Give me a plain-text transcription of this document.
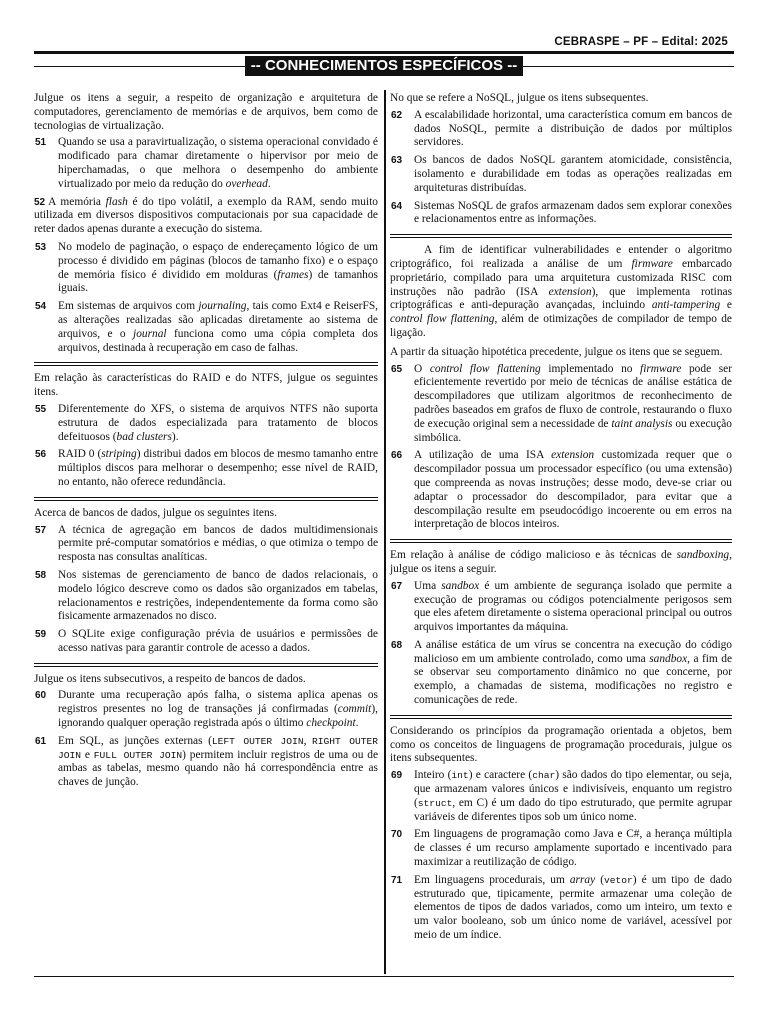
CEBRASPE – PF – Edital: 2025
-- CONHECIMENTOS ESPECÍFICOS --

Julgue os itens a seguir, a respeito de organização e arquitetura de computadores, gerenciamento de memórias e de arquivos, bem como de tecnologias de virtualização.

51 Quando se usa a paravirtualização, o sistema operacional convidado é modificado para chamar diretamente o hipervisor por meio de hiperchamadas, o que melhora o desempenho do ambiente virtualizado por meio da redução do overhead.

52 A memória flash é do tipo volátil, a exemplo da RAM, sendo muito utilizada em diversos dispositivos computacionais por sua capacidade de reter dados apenas durante a execução do sistema.

53 No modelo de paginação, o espaço de endereçamento lógico de um processo é dividido em páginas (blocos de tamanho fixo) e o espaço de memória físico é dividido em molduras (frames) de tamanhos iguais.

54 Em sistemas de arquivos com journaling, tais como Ext4 e ReiserFS, as alterações realizadas são aplicadas diretamente ao sistema de arquivos, e o journal funciona como uma cópia completa dos arquivos, destinada à recuperação em caso de falhas.

Em relação às características do RAID e do NTFS, julgue os seguintes itens.

55 Diferentemente do XFS, o sistema de arquivos NTFS não suporta estrutura de dados especializada para tratamento de blocos defeituosos (bad clusters).

56 RAID 0 (striping) distribui dados em blocos de mesmo tamanho entre múltiplos discos para melhorar o desempenho; esse nível de RAID, no entanto, não oferece redundância.

Acerca de bancos de dados, julgue os seguintes itens.

57 A técnica de agregação em bancos de dados multidimensionais permite pré-computar somatórios e médias, o que otimiza o tempo de resposta nas consultas analíticas.

58 Nos sistemas de gerenciamento de banco de dados relacionais, o modelo lógico descreve como os dados são organizados em tabelas, relacionamentos e restrições, independentemente da forma como são fisicamente armazenados no disco.

59 O SQLite exige configuração prévia de usuários e permissões de acesso nativas para garantir controle de acesso a dados.

Julgue os itens subsecutivos, a respeito de bancos de dados.

60 Durante uma recuperação após falha, o sistema aplica apenas os registros presentes no log de transações já confirmadas (commit), ignorando qualquer operação registrada após o último checkpoint.

61 Em SQL, as junções externas (LEFT OUTER JOIN, RIGHT OUTER JOIN e FULL OUTER JOIN) permitem incluir registros de uma ou de ambas as tabelas, mesmo quando não há correspondência entre as chaves de junção.

No que se refere a NoSQL, julgue os itens subsequentes.

62 A escalabilidade horizontal, uma característica comum em bancos de dados NoSQL, permite a distribuição de dados por múltiplos servidores.

63 Os bancos de dados NoSQL garantem atomicidade, consistência, isolamento e durabilidade em todas as operações realizadas em arquiteturas distribuídas.

64 Sistemas NoSQL de grafos armazenam dados sem explorar conexões e relacionamentos entre as informações.

A fim de identificar vulnerabilidades e entender o algoritmo criptográfico, foi realizada a análise de um firmware embarcado proprietário, compilado para uma arquitetura customizada RISC com instruções não padrão (ISA extension), que implementa rotinas criptográficas e anti-depuração avançadas, incluindo anti-tampering e control flow flattening, além de otimizações de compilador de tempo de ligação.

A partir da situação hipotética precedente, julgue os itens que se seguem.

65 O control flow flattening implementado no firmware pode ser eficientemente revertido por meio de técnicas de análise estática de descompiladores que utilizam algoritmos de reconhecimento de padrões baseados em grafos de fluxo de controle, restaurando o fluxo de execução original sem a necessidade de taint analysis ou execução simbólica.

66 A utilização de uma ISA extension customizada requer que o descompilador possua um processador específico (ou uma extensão) que compreenda as novas instruções; desse modo, deve-se criar ou adaptar o processador do descompilador, para evitar que a descompilação resulte em pseudocódigo incoerente ou em erros na interpretação de blocos inteiros.

Em relação à análise de código malicioso e às técnicas de sandboxing, julgue os itens a seguir.

67 Uma sandbox é um ambiente de segurança isolado que permite a execução de programas ou códigos potencialmente perigosos sem que eles afetem diretamente o sistema operacional principal ou outros arquivos importantes da máquina.

68 A análise estática de um vírus se concentra na execução do código malicioso em um ambiente controlado, como uma sandbox, a fim de se observar seu comportamento dinâmico no que concerne, por exemplo, a chamadas de sistema, modificações no registro e comunicações de rede.

Considerando os princípios da programação orientada a objetos, bem como os conceitos de linguagens de programação procedurais, julgue os itens subsequentes.

69 Inteiro (int) e caractere (char) são dados do tipo elementar, ou seja, que armazenam valores únicos e indivisíveis, enquanto um registro (struct, em C) é um dado do tipo estruturado, que permite agrupar variáveis de diferentes tipos sob um único nome.

70 Em linguagens de programação como Java e C#, a herança múltipla de classes é um recurso amplamente suportado e incentivado para maximizar a reutilização de código.

71 Em linguagens procedurais, um array (vetor) é um tipo de dado estruturado que, tipicamente, permite armazenar uma coleção de elementos de tipos de dados variados, como um inteiro, um texto e um valor booleano, sob um único nome de variável, acessível por meio de um índice.
